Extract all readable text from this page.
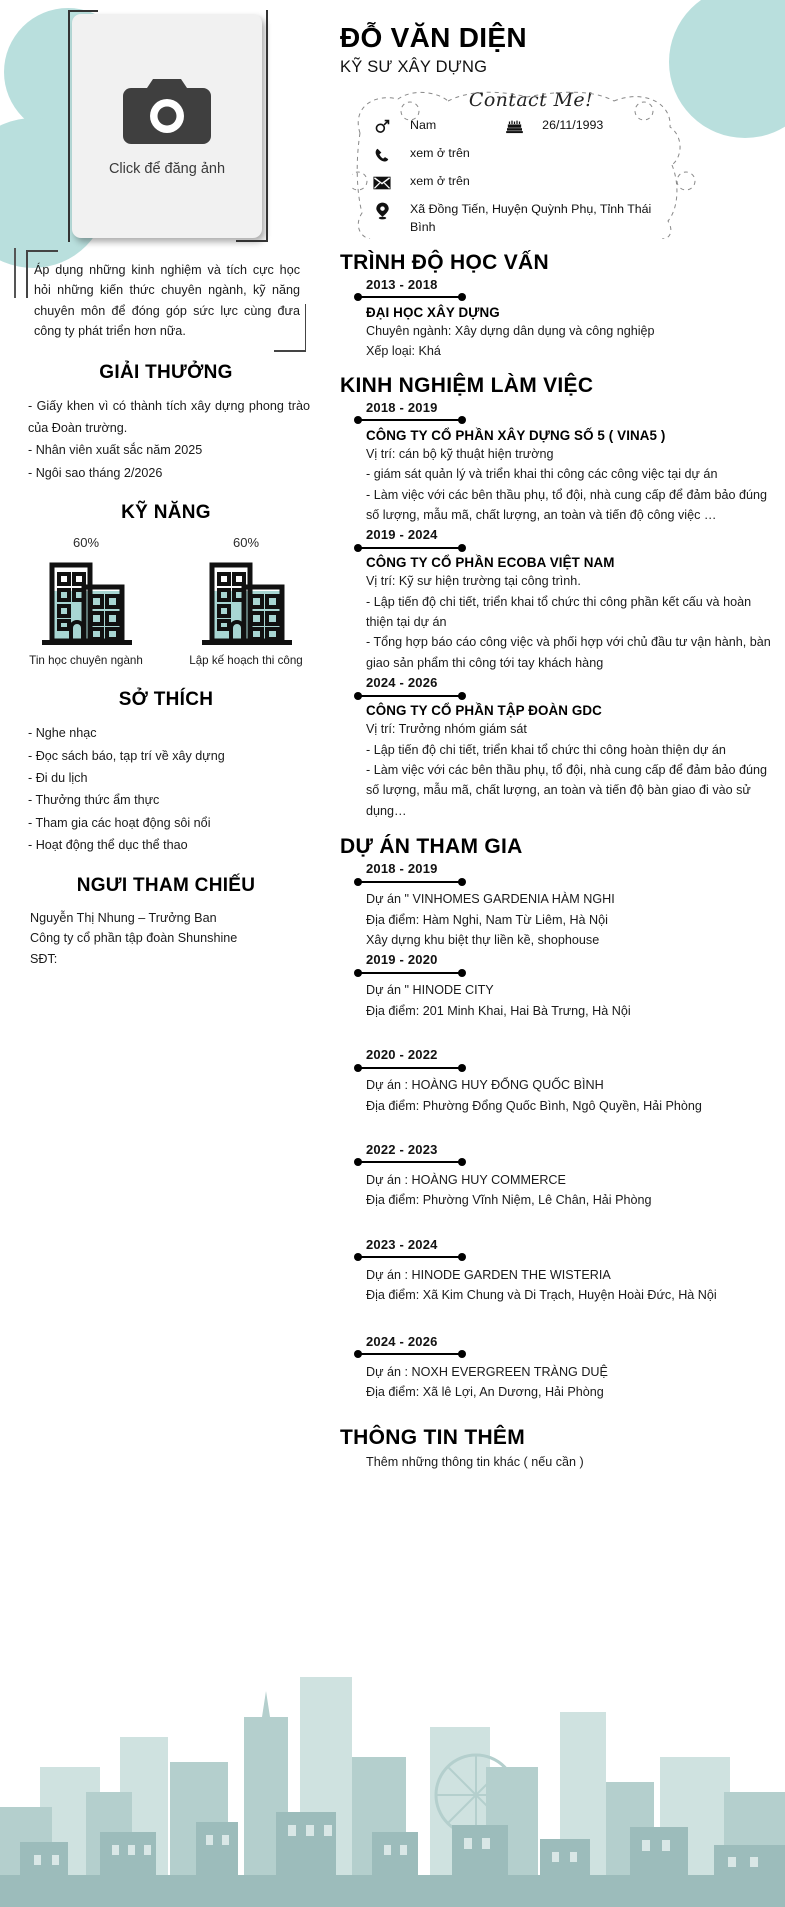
Click để đăng ảnh
Áp dụng những kinh nghiệm và tích cực học hỏi những kiến thức chuyên ngành, kỹ năng chuyên môn để đóng góp sức lực cùng đưa công ty phát triển hơn nữa.
GIẢI THƯỞNG
- Giấy khen vì có thành tích xây dựng phong trào của Đoàn trường.
- Nhân viên xuất sắc năm 2025
- Ngôi sao tháng 2/2026
KỸ NĂNG
60%
Tin học chuyên ngành
60%
Lập kế hoạch thi công
SỞ THÍCH
- Nghe nhạc
- Đọc sách báo, tạp trí về xây dựng
- Đi du lịch
- Thưởng thức ẩm thực
- Tham gia các hoạt động sôi nổi
- Hoạt động thể dục thể thao
NGƯI THAM CHIẾU
Nguyễn Thị Nhung – Trưởng Ban
Công ty cổ phần tập đoàn Shunshine
SĐT:
ĐỖ VĂN DIỆN
KỸ SƯ XÂY DỰNG
Contact Me!
Nam	26/11/1993
xem ở trên
xem ở trên
Xã Đồng Tiến, Huyện Quỳnh Phụ, Tỉnh Thái Bình
TRÌNH ĐỘ HỌC VẤN
2013 - 2018
ĐẠI HỌC XÂY DỰNG
Chuyên ngành: Xây dựng dân dụng và công nghiệp
Xếp loại: Khá
KINH NGHIỆM LÀM VIỆC
2018 - 2019
CÔNG TY CỔ PHẦN XÂY DỰNG SỐ 5 ( VINA5 )
Vị trí: cán bộ kỹ thuật hiện trường
- giám sát quản lý và triển khai thi công các công việc tại dự án
- Làm việc với các bên thầu phụ, tổ đội, nhà cung cấp để đảm bảo đúng số lượng, mẫu mã, chất lượng, an toàn và tiến độ công việc …
2019 - 2024
CÔNG TY CỔ PHẦN ECOBA VIỆT NAM
Vị trí: Kỹ sư hiện trường tại công trình.
- Lập tiến độ chi tiết, triển khai tổ chức thi công phần kết cấu và hoàn thiện tại dự án
- Tổng hợp báo cáo công việc và phối hợp với chủ đầu tư vận hành, bàn giao sản phẩm thi công tới tay khách hàng
2024 - 2026
CÔNG TY CỔ PHẦN TẬP ĐOÀN GDC
Vị trí: Trưởng nhóm giám sát
- Lập tiến độ chi tiết, triển khai tổ chức thi công hoàn thiện dự án
- Làm việc với các bên thầu phụ, tổ đội, nhà cung cấp để đảm bảo đúng số lượng, mẫu mã, chất lượng, an toàn và tiến độ bàn giao đi vào sử dụng…
DỰ ÁN THAM GIA
2018 - 2019
Dự án " VINHOMES GARDENIA HÀM NGHI
Địa điểm: Hàm Nghi, Nam Từ Liêm, Hà Nội
Xây dựng khu biệt thự liền kề, shophouse
2019 - 2020
Dự án " HINODE CITY
Địa điểm: 201 Minh Khai, Hai Bà Trưng, Hà Nội
2020 - 2022
Dự án : HOÀNG HUY ĐỔNG QUỐC BÌNH
Địa điểm: Phường Đổng Quốc Bình, Ngô Quyền, Hải Phòng
2022 - 2023
Dự án : HOÀNG HUY COMMERCE
Địa điểm: Phường Vĩnh Niệm, Lê Chân, Hải Phòng
2023 - 2024
Dự án : HINODE GARDEN THE WISTERIA
Địa điểm: Xã Kim Chung và Di Trạch, Huyện Hoài Đức, Hà Nội
2024 - 2026
Dự án : NOXH EVERGREEN TRÀNG DUỆ
Địa điểm: Xã lê Lợi, An Dương, Hải Phòng
THÔNG TIN THÊM
Thêm những thông tin khác ( nếu cần )
